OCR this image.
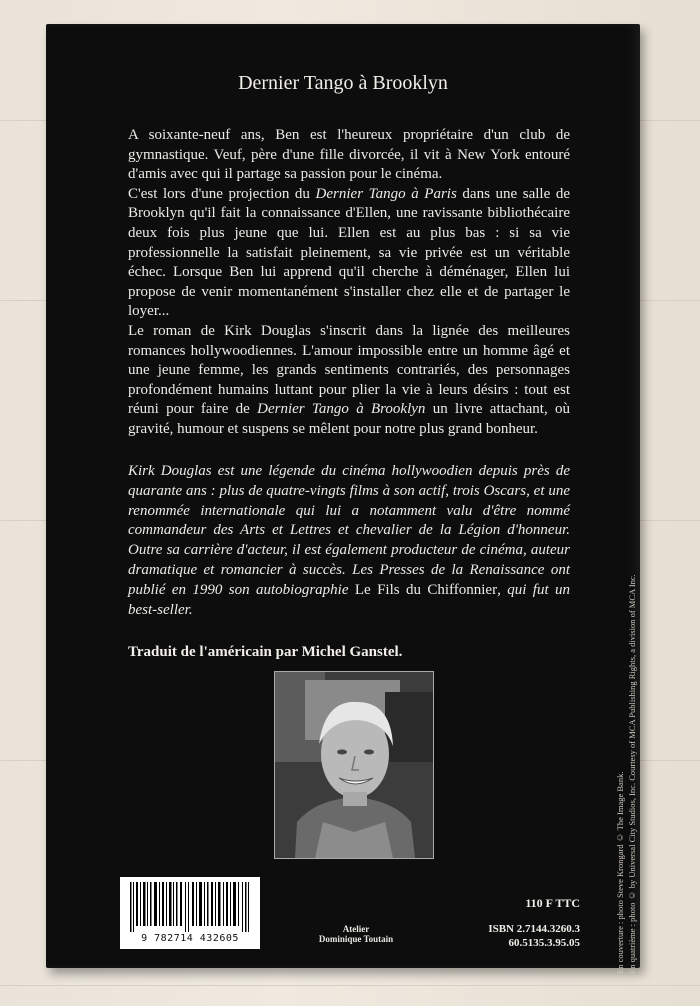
Dernier Tango à Brooklyn

A soixante-neuf ans, Ben est l'heureux propriétaire d'un club de gymnastique. Veuf, père d'une fille divorcée, il vit à New York entouré d'amis avec qui il partage sa passion pour le cinéma.

C'est lors d'une projection du Dernier Tango à Paris dans une salle de Brooklyn qu'il fait la connaissance d'Ellen, une ravissante bibliothécaire deux fois plus jeune que lui. Ellen est au plus bas : si sa vie professionnelle la satisfait pleinement, sa vie privée est un véritable échec. Lorsque Ben lui apprend qu'il cherche à déménager, Ellen lui propose de venir momentanément s'installer chez elle et de partager le loyer...

Le roman de Kirk Douglas s'inscrit dans la lignée des meilleures romances hollywoodiennes. L'amour impossible entre un homme âgé et une jeune femme, les grands sentiments contrariés, des personnages profondément humains luttant pour plier la vie à leurs désirs : tout est réuni pour faire de Dernier Tango à Brooklyn un livre attachant, où gravité, humour et suspens se mêlent pour notre plus grand bonheur.

Kirk Douglas est une légende du cinéma hollywoodien depuis près de quarante ans : plus de quatre-vingts films à son actif, trois Oscars, et une renommée internationale qui lui a notamment valu d'être nommé commandeur des Arts et Lettres et chevalier de la Légion d'honneur. Outre sa carrière d'acteur, il est également producteur de cinéma, auteur dramatique et romancier à succès. Les Presses de la Renaissance ont publié en 1990 son autobiographie Le Fils du Chiffonnier, qui fut un best-seller.

Traduit de l'américain par Michel Ganstel.
En couverture : photo Steve Krongard © The Image Bank. En quatrième : photo © by Universal City Studios, Inc. Courtesy of MCA Publishing Rights, a division of MCA Inc.
9 782714 432605
Atelier
Dominique Toutain
110 F TTC
ISBN 2.7144.3260.3
60.5135.3.95.05
